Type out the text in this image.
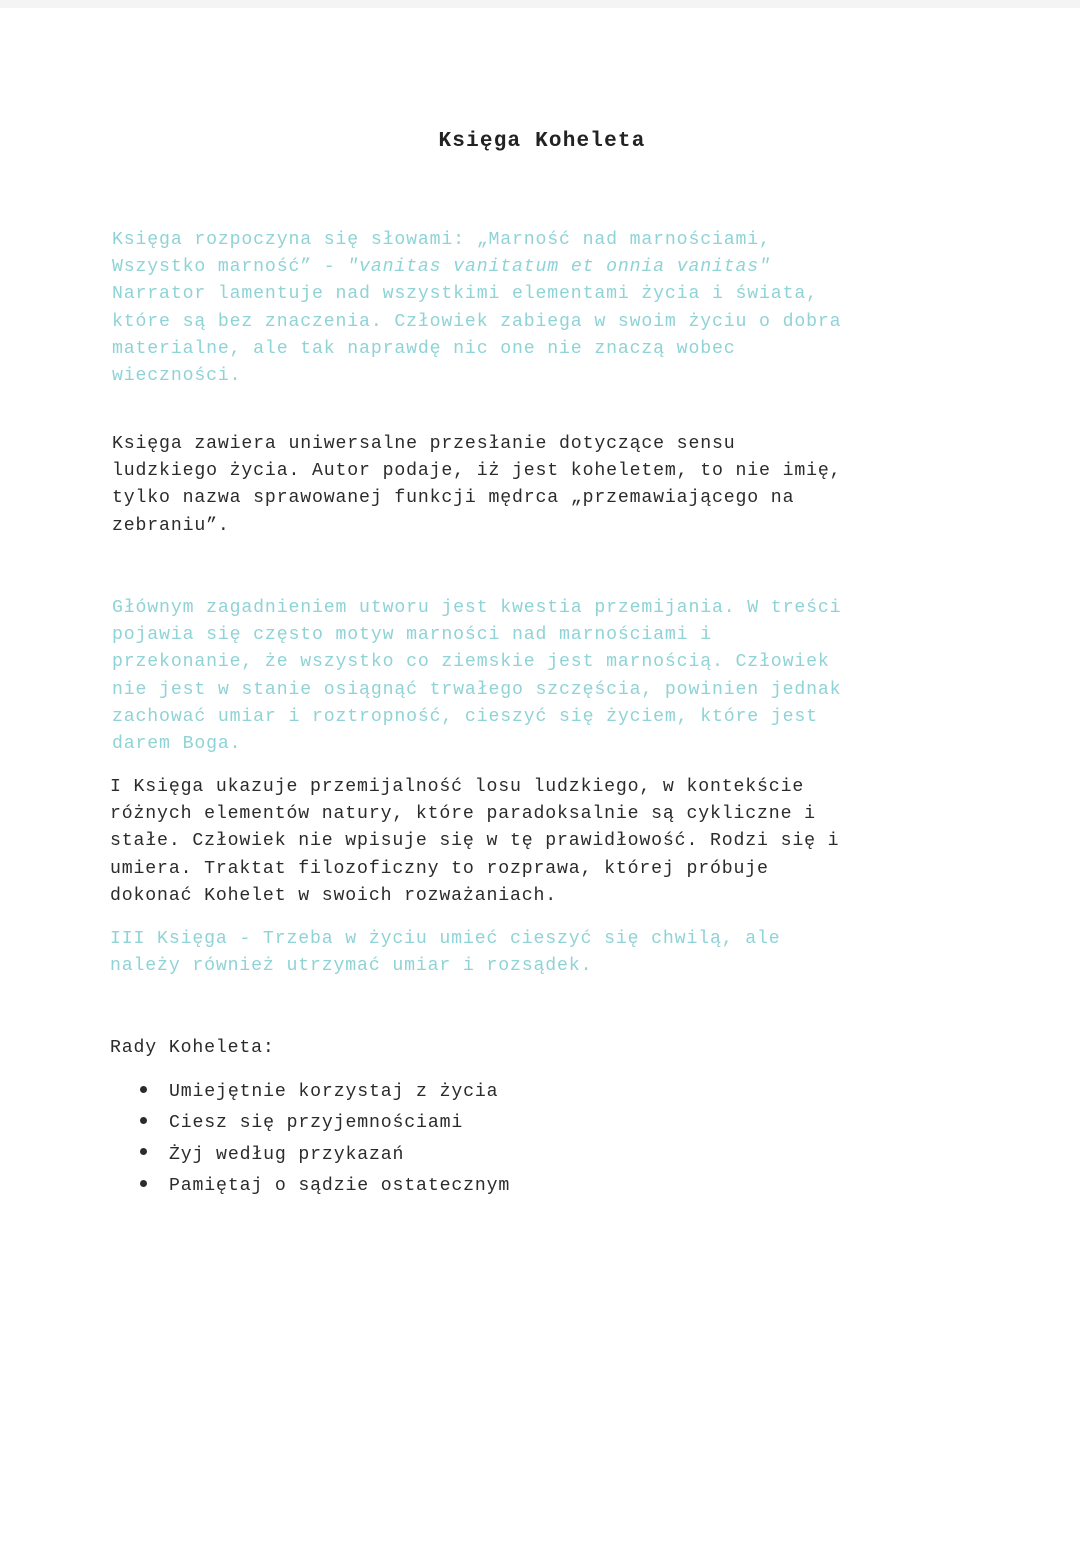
Księga Koheleta
Księga rozpoczyna się słowami: „Marność nad marnościami,
Wszystko marność” - "vanitas vanitatum et onnia vanitas"
Narrator lamentuje nad wszystkimi elementami życia i świata,
które są bez znaczenia. Człowiek zabiega w swoim życiu o dobra
materialne, ale tak naprawdę nic one nie znaczą wobec
wieczności.
Księga zawiera uniwersalne przesłanie dotyczące sensu
ludzkiego życia. Autor podaje, iż jest koheletem, to nie imię,
tylko nazwa sprawowanej funkcji mędrca „przemawiającego na
zebraniu”.
Głównym zagadnieniem utworu jest kwestia przemijania. W treści
pojawia się często motyw marności nad marnościami i
przekonanie, że wszystko co ziemskie jest marnością. Człowiek
nie jest w stanie osiągnąć trwałego szczęścia, powinien jednak
zachować umiar i roztropność, cieszyć się życiem, które jest
darem Boga.
I Księga ukazuje przemijalność losu ludzkiego, w kontekście
różnych elementów natury, które paradoksalnie są cykliczne i
stałe. Człowiek nie wpisuje się w tę prawidłowość. Rodzi się i
umiera. Traktat filozoficzny to rozprawa, której próbuje
dokonać Kohelet w swoich rozważaniach.
III Księga - Trzeba w życiu umieć cieszyć się chwilą, ale
należy również utrzymać umiar i rozsądek.
Rady Koheleta:
Umiejętnie korzystaj z życia
Ciesz się przyjemnościami
Żyj według przykazań
Pamiętaj o sądzie ostatecznym
